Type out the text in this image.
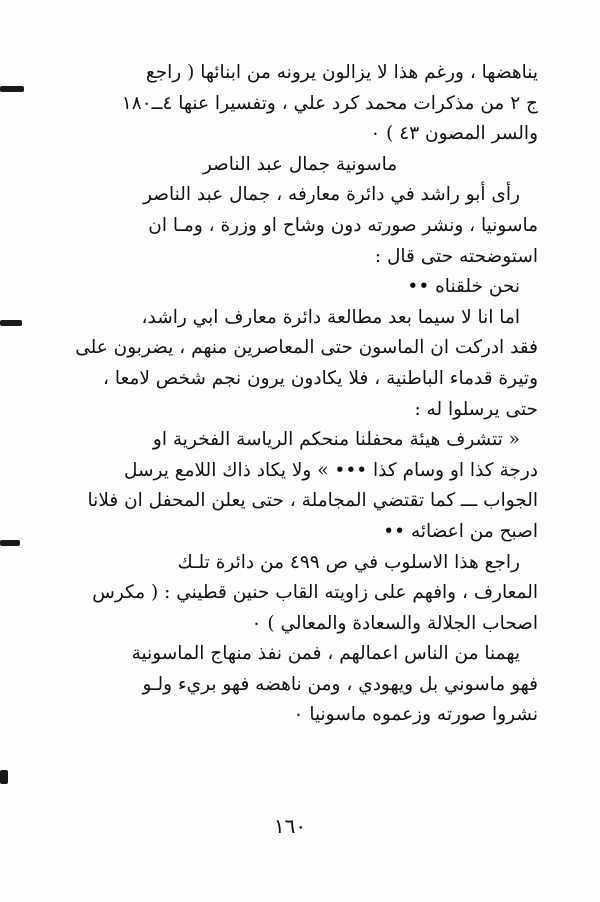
يناهضها ، ورغم هذا لا يزالون يرونه من ابنائها ( راجع
ج ٢ من مذكرات محمد كرد علي ، وتفسيرا عنها ٤ــ١٨٠
والسر المصون ٤٣ ) ٠
ماسونية جمال عبد الناصر
رأى أبو راشد في دائرة معارفه ، جمال عبد الناصر
ماسونيا ، ونشر صورته دون وشاح او وزرة ، ومـا ان
استوضحته حتى قال :
نحن خلقناه ••
اما انا لا سيما بعد مطالعة دائرة معارف ابي راشد،
فقد ادركت ان الماسون حتى المعاصرين منهم ، يضربون على
وتيرة قدماء الباطنية ، فلا يكادون يرون نجم شخص لامعا ،
حتى يرسلوا له :
« تتشرف هيئة محفلنا منحكم الرياسة الفخرية او
درجة كذا او وسام كذا ••• » ولا يكاد ذاك اللامع يرسل
الجواب ـــ كما تقتضي المجاملة ، حتى يعلن المحفل ان فلانا
اصبح من اعضائه ••
راجع هذا الاسلوب في ص ٤٩٩ من دائرة تلـك
المعارف ، وافهم على زاويته القاب حنين قطيني : ( مكرس
اصحاب الجلالة والسعادة والمعالي ) ٠
يهمنا من الناس اعمالهم ، فمن نفذ منهاج الماسونية
فهو ماسوني بل ويهودي ، ومن ناهضه فهو بريء ولـو
نشروا صورته وزعموه ماسونيا ٠
١٦٠
